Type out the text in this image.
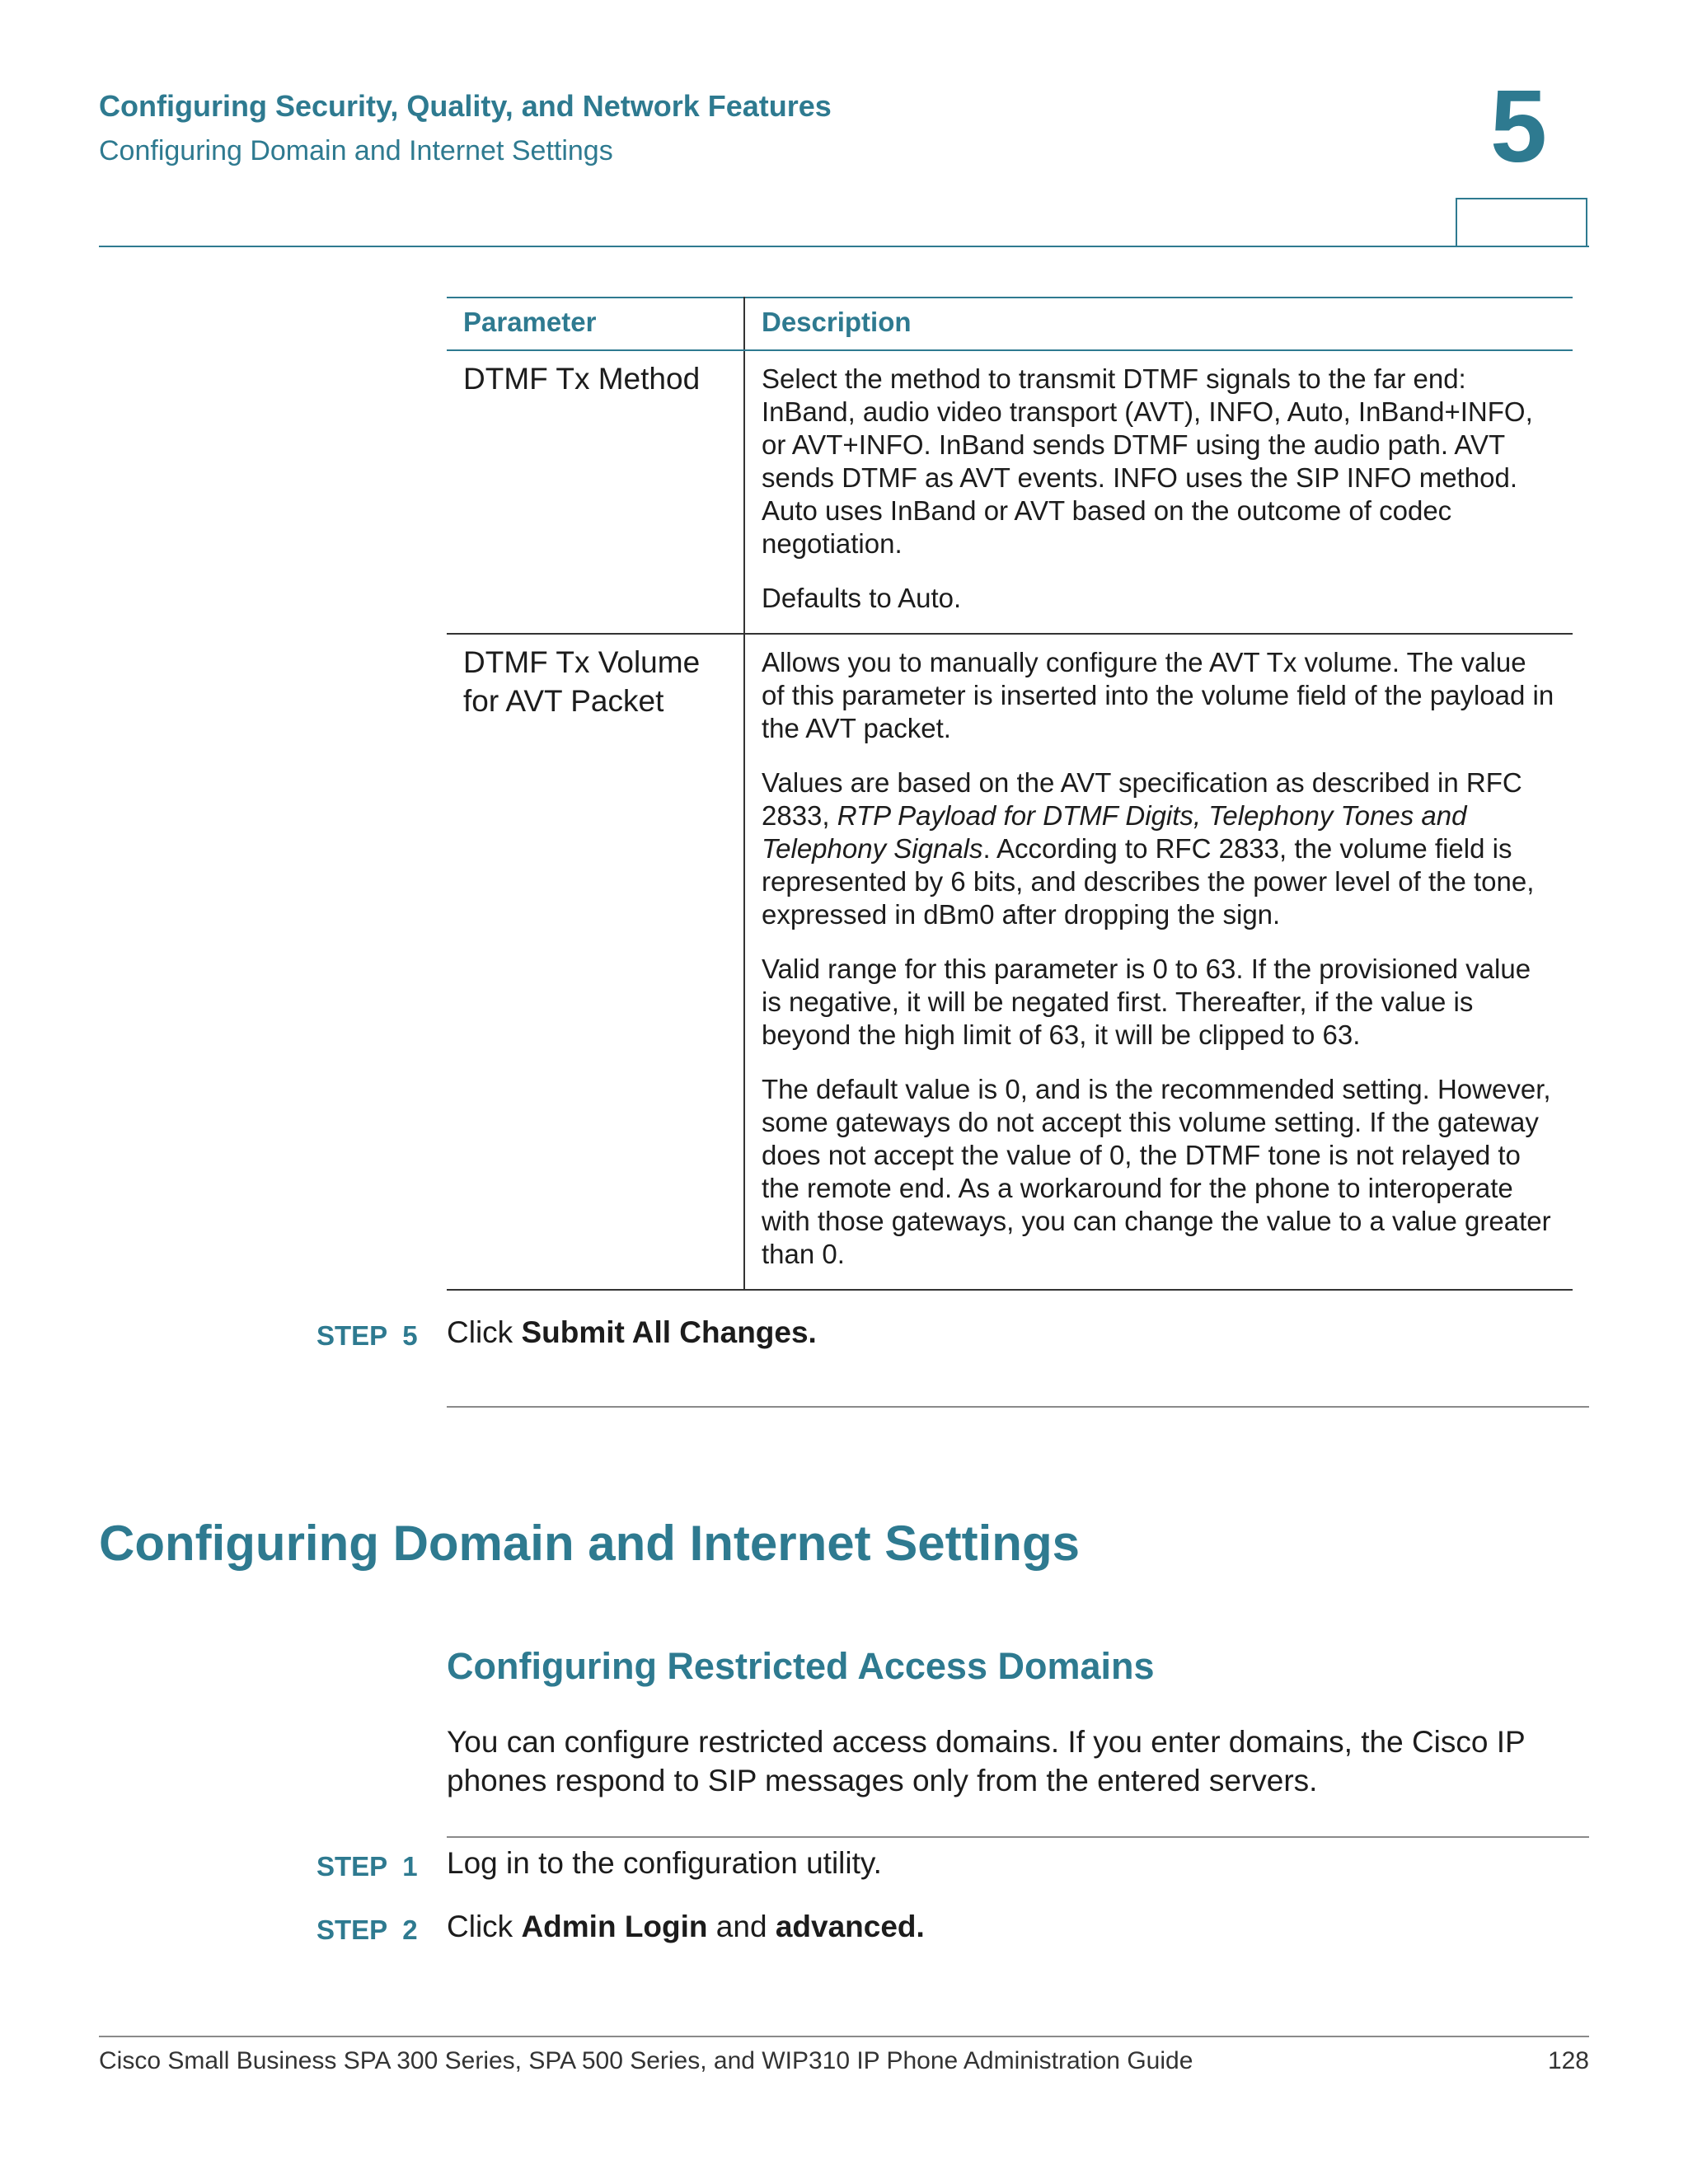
Configuring Security, Quality, and Network Features
Configuring Domain and Internet Settings	5
Parameter	Description
DTMF Tx Method	Select the method to transmit DTMF signals to the far end: InBand, audio video transport (AVT), INFO, Auto, InBand+INFO, or AVT+INFO. InBand sends DTMF using the audio path. AVT sends DTMF as AVT events. INFO uses the SIP INFO method. Auto uses InBand or AVT based on the outcome of codec negotiation.

Defaults to Auto.

DTMF Tx Volume for AVT Packet	Allows you to manually configure the AVT Tx volume. The value of this parameter is inserted into the volume field of the payload in the AVT packet.

Values are based on the AVT specification as described in RFC 2833, RTP Payload for DTMF Digits, Telephony Tones and Telephony Signals. According to RFC 2833, the volume field is represented by 6 bits, and describes the power level of the tone, expressed in dBm0 after dropping the sign.

Valid range for this parameter is 0 to 63. If the provisioned value is negative, it will be negated first. Thereafter, if the value is beyond the high limit of 63, it will be clipped to 63.

The default value is 0, and is the recommended setting. However, some gateways do not accept this volume setting. If the gateway does not accept the value of 0, the DTMF tone is not relayed to the remote end. As a workaround for the phone to interoperate with those gateways, you can change the value to a value greater than 0.

STEP 5 Click Submit All Changes.
Configuring Domain and Internet Settings
Configuring Restricted Access Domains

You can configure restricted access domains. If you enter domains, the Cisco IP phones respond to SIP messages only from the entered servers.

STEP 1 Log in to the configuration utility.
STEP 2 Click Admin Login and advanced.
Cisco Small Business SPA 300 Series, SPA 500 Series, and WIP310 IP Phone Administration Guide	128
